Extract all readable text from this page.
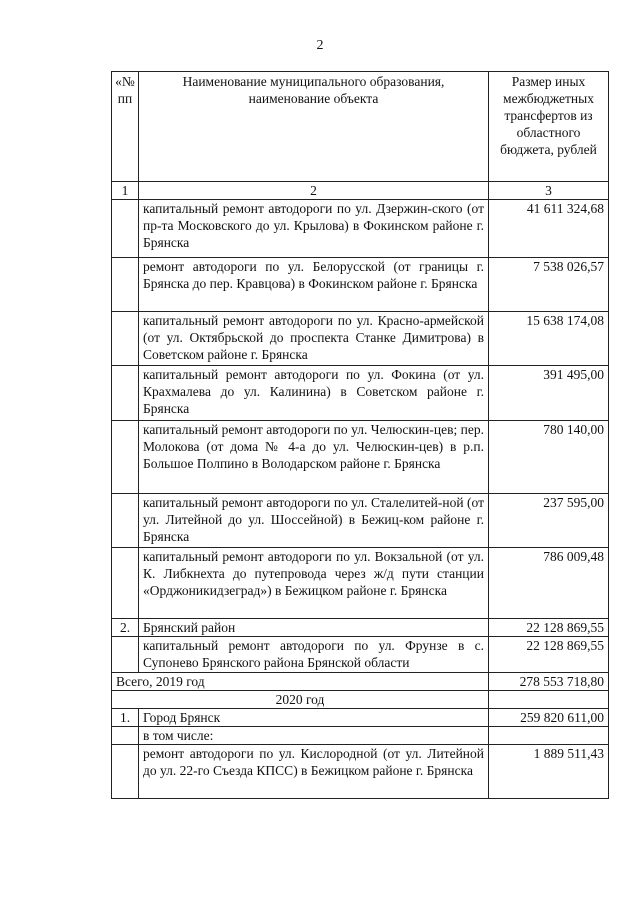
2
«№ пп	Наименование муниципального образования, наименование объекта	Размер иных межбюджетных трансфертов из областного бюджета, рублей
1	2	3
	капитальный ремонт автодороги по ул. Дзержин-ского (от пр-та Московского до ул. Крылова) в Фокинском районе г. Брянска	41 611 324,68
	ремонт автодороги по ул. Белорусской (от границы г. Брянска до пер. Кравцова) в Фокинском районе г. Брянска	7 538 026,57
	капитальный ремонт автодороги по ул. Красно-армейской (от ул. Октябрьской до проспекта Станке Димитрова) в Советском районе г. Брянска	15 638 174,08
	капитальный ремонт автодороги по ул. Фокина (от ул. Крахмалева до ул. Калинина) в Советском районе г. Брянска	391 495,00
	капитальный ремонт автодороги по ул. Челюскин-цев; пер. Молокова (от дома № 4-а до ул. Челюскин-цев) в р.п. Большое Полпино в Володарском районе г. Брянска	780 140,00
	капитальный ремонт автодороги по ул. Сталелитей-ной (от ул. Литейной до ул. Шоссейной) в Бежиц-ком районе г. Брянска	237 595,00
	капитальный ремонт автодороги по ул. Вокзальной (от ул. К. Либкнехта до путепровода через ж/д пути станции «Орджоникидзеград») в Бежицком районе г. Брянска	786 009,48
2.	Брянский район	22 128 869,55
	капитальный ремонт автодороги по ул. Фрунзе в с. Супонево Брянского района Брянской области	22 128 869,55
Всего, 2019 год		278 553 718,80
2020 год		
1.	Город Брянск	259 820 611,00
	в том числе:	
	ремонт автодороги по ул. Кислородной (от ул. Литейной до ул. 22-го Съезда КПСС) в Бежицком районе г. Брянска	1 889 511,43
